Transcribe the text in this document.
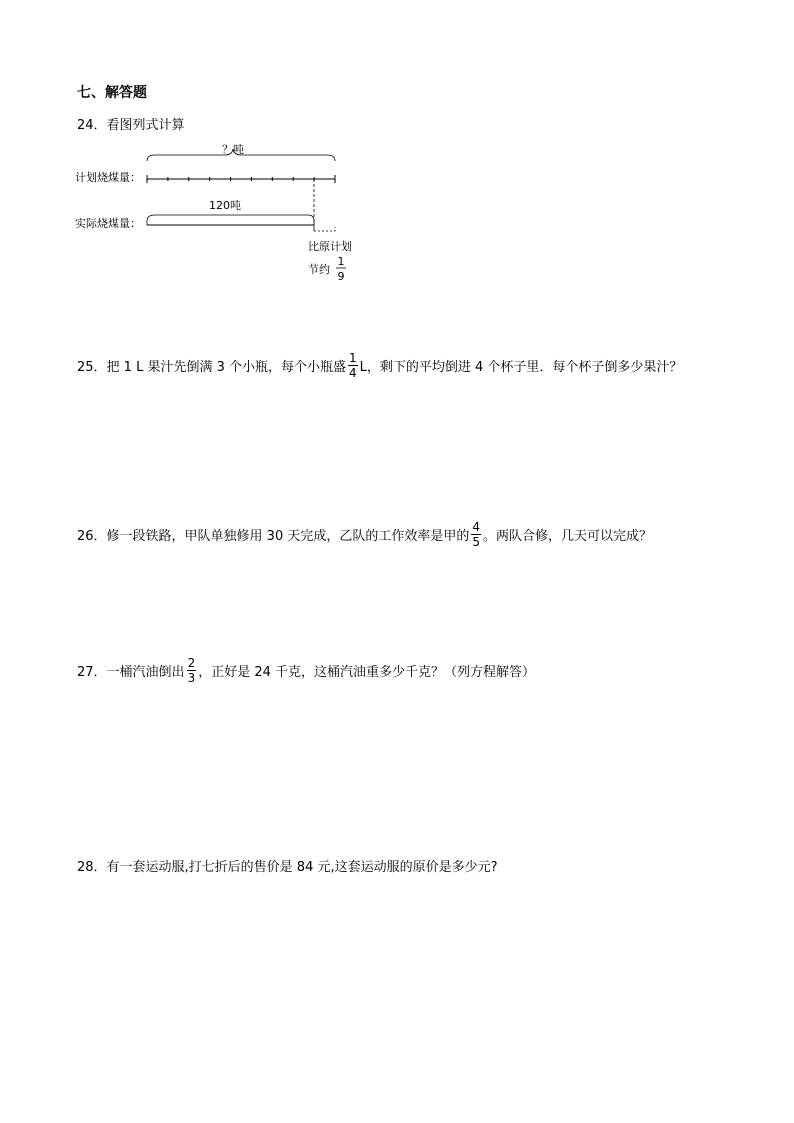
七、解答题
24． 看图列式计算
计划烧煤量：
？吨
实际烧煤量：
120吨
比原计划
节约
1
9
25． 把 1 L 果汁先倒满 3 个小瓶，每个小瓶盛 $\frac{1}{4}$ L，剩下的平均倒进 4 个杯子里．每个杯子倒多少果汁？
26． 修一段铁路，甲队单独修用 30 天完成，乙队的工作效率是甲的 $\frac{4}{5}$ 。两队合修，几天可以完成？
27． 一桶汽油倒出 $\frac{2}{3}$ ，正好是 24 千克，这桶汽油重多少千克？（列方程解答）
28． 有一套运动服,打七折后的售价是 84 元,这套运动服的原价是多少元?
